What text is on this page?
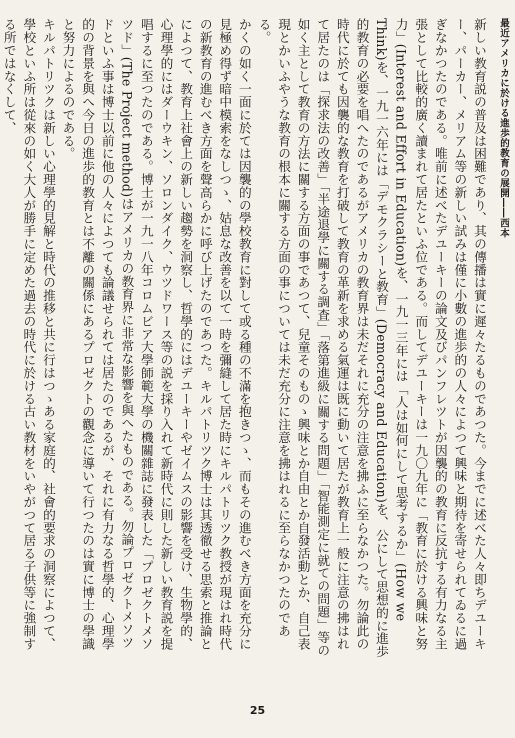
最近アメリカに於ける進歩的教育の展開――西本

新しい教育説の普及は困難であり、其の傳播は實に遲々たるものであつた。今までに述べた人々即ちデユーキー、パーカー、メリアム等の新しい試みは僅に小數の進歩的の人々によつて興味と期待を寄せられてゐるに過ぎなかつたのである。唯前に述べたデユーキーの論文及びパンフレツトが因襲的の教育に反抗する有力なる主張として比較的廣く讀まれて居たといふ位である。而してデユーキーは一九〇九年に「教育に於ける興味と努力」(Interest and Effort in Education)を、一九一三年には「人は如何にして思考するか」(How we Think)を、一九一六年には「デモクラシーと教育」(Democracy and Education)を、公にして思想的に進歩的教育の必要を唱へたのであるがアメリカの教育界は未だそれに充分の注意を拂ふに至らなかつた。勿論此の時代に於ても因襲的な教育を打破して教育の革新を求める氣運は既に動いて居たが教育上一般に注意の拂はれて居たのは「探求法の改善」「半途退學に關する調査」「落第進級に關する問題」「智能測定に就ての問題」等の如く主として教育の方法に關する方面の事であつて、兒童そのものゝ興味とか自由とか自發活動とか、自己表現とかいふやうな教育の根本に關する方面の事については未だ充分に注意を拂はれるに至らなかつたのである。

かくの如く一面に於ては因襲的の學校教育に對して或る種の不滿を抱きつゝ、而もその進むべき方面を充分に見極め得ず暗中模索をなしつゝ、姑息な改善を以て一時を彌縫して居た時にキルパトリツク教授が現はれ時代の新教育の進むべき方面を聲高らかに呼び上げたのであつた。キルパトリツク博士は其透徹せる思索と推論とによつて、教育上社會上の新しい趨勢を洞察し、哲學的にはデユーキーやゼイムスの影響を受け、生物學的、心理學的にはダーウキン、ソロンダイク、ウツドワース等の説を採り入れて新時代に則した新しい教育説を提唱するに至つたのである。博士が一九一八年コロムビア大學師範大學の機關雜誌に發表した「プロゼクトメソツド」(The Project method)はアメリカの教育界に非常な影響を與へたものである。勿論プロゼクトメソツドといふ事は博士以前に他の人々によつても論議せられては居たのであるが、それに有力なる哲學的、心理學的の背景を與へ今日の進歩的教育とは不離の關係にあるプロゼクトの觀念に導いて行つたのは實に博士の學識と努力によるのである。

キルパトリツクは新しい心理學的見解と時代の推移と共に行はつゝある家庭的、社會的要求の洞察によつて、學校といふ所は從來の如く大人が勝手に定めた過去の時代に於ける古い教材をいやがつて居る子供等に強制する所ではなくして、

25
